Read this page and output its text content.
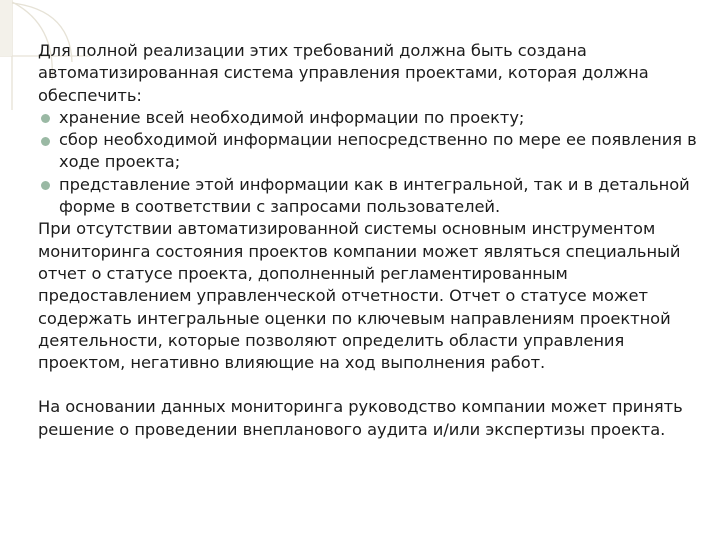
Для полной реализации этих требований должна быть создана автоматизированная система управления проектами, которая должна обеспечить:

хранение всей необходимой информации по проекту;
сбор необходимой информации непосредственно по мере ее появления в ходе проекта;
представление этой информации как в интегральной, так и в детальной форме в соответствии с запросами пользователей.

При отсутствии автоматизированной системы основным инструментом мониторинга состояния проектов компании может являться специальный отчет о статусе проекта, дополненный регламентированным предоставлением управленческой отчетности. Отчет о статусе может содержать интегральные оценки по ключевым направлениям проектной деятельности, которые позволяют определить области управления проектом, негативно влияющие на ход выполнения работ.

На основании данных мониторинга руководство компании может принять решение о проведении внепланового аудита и/или экспертизы проекта.
